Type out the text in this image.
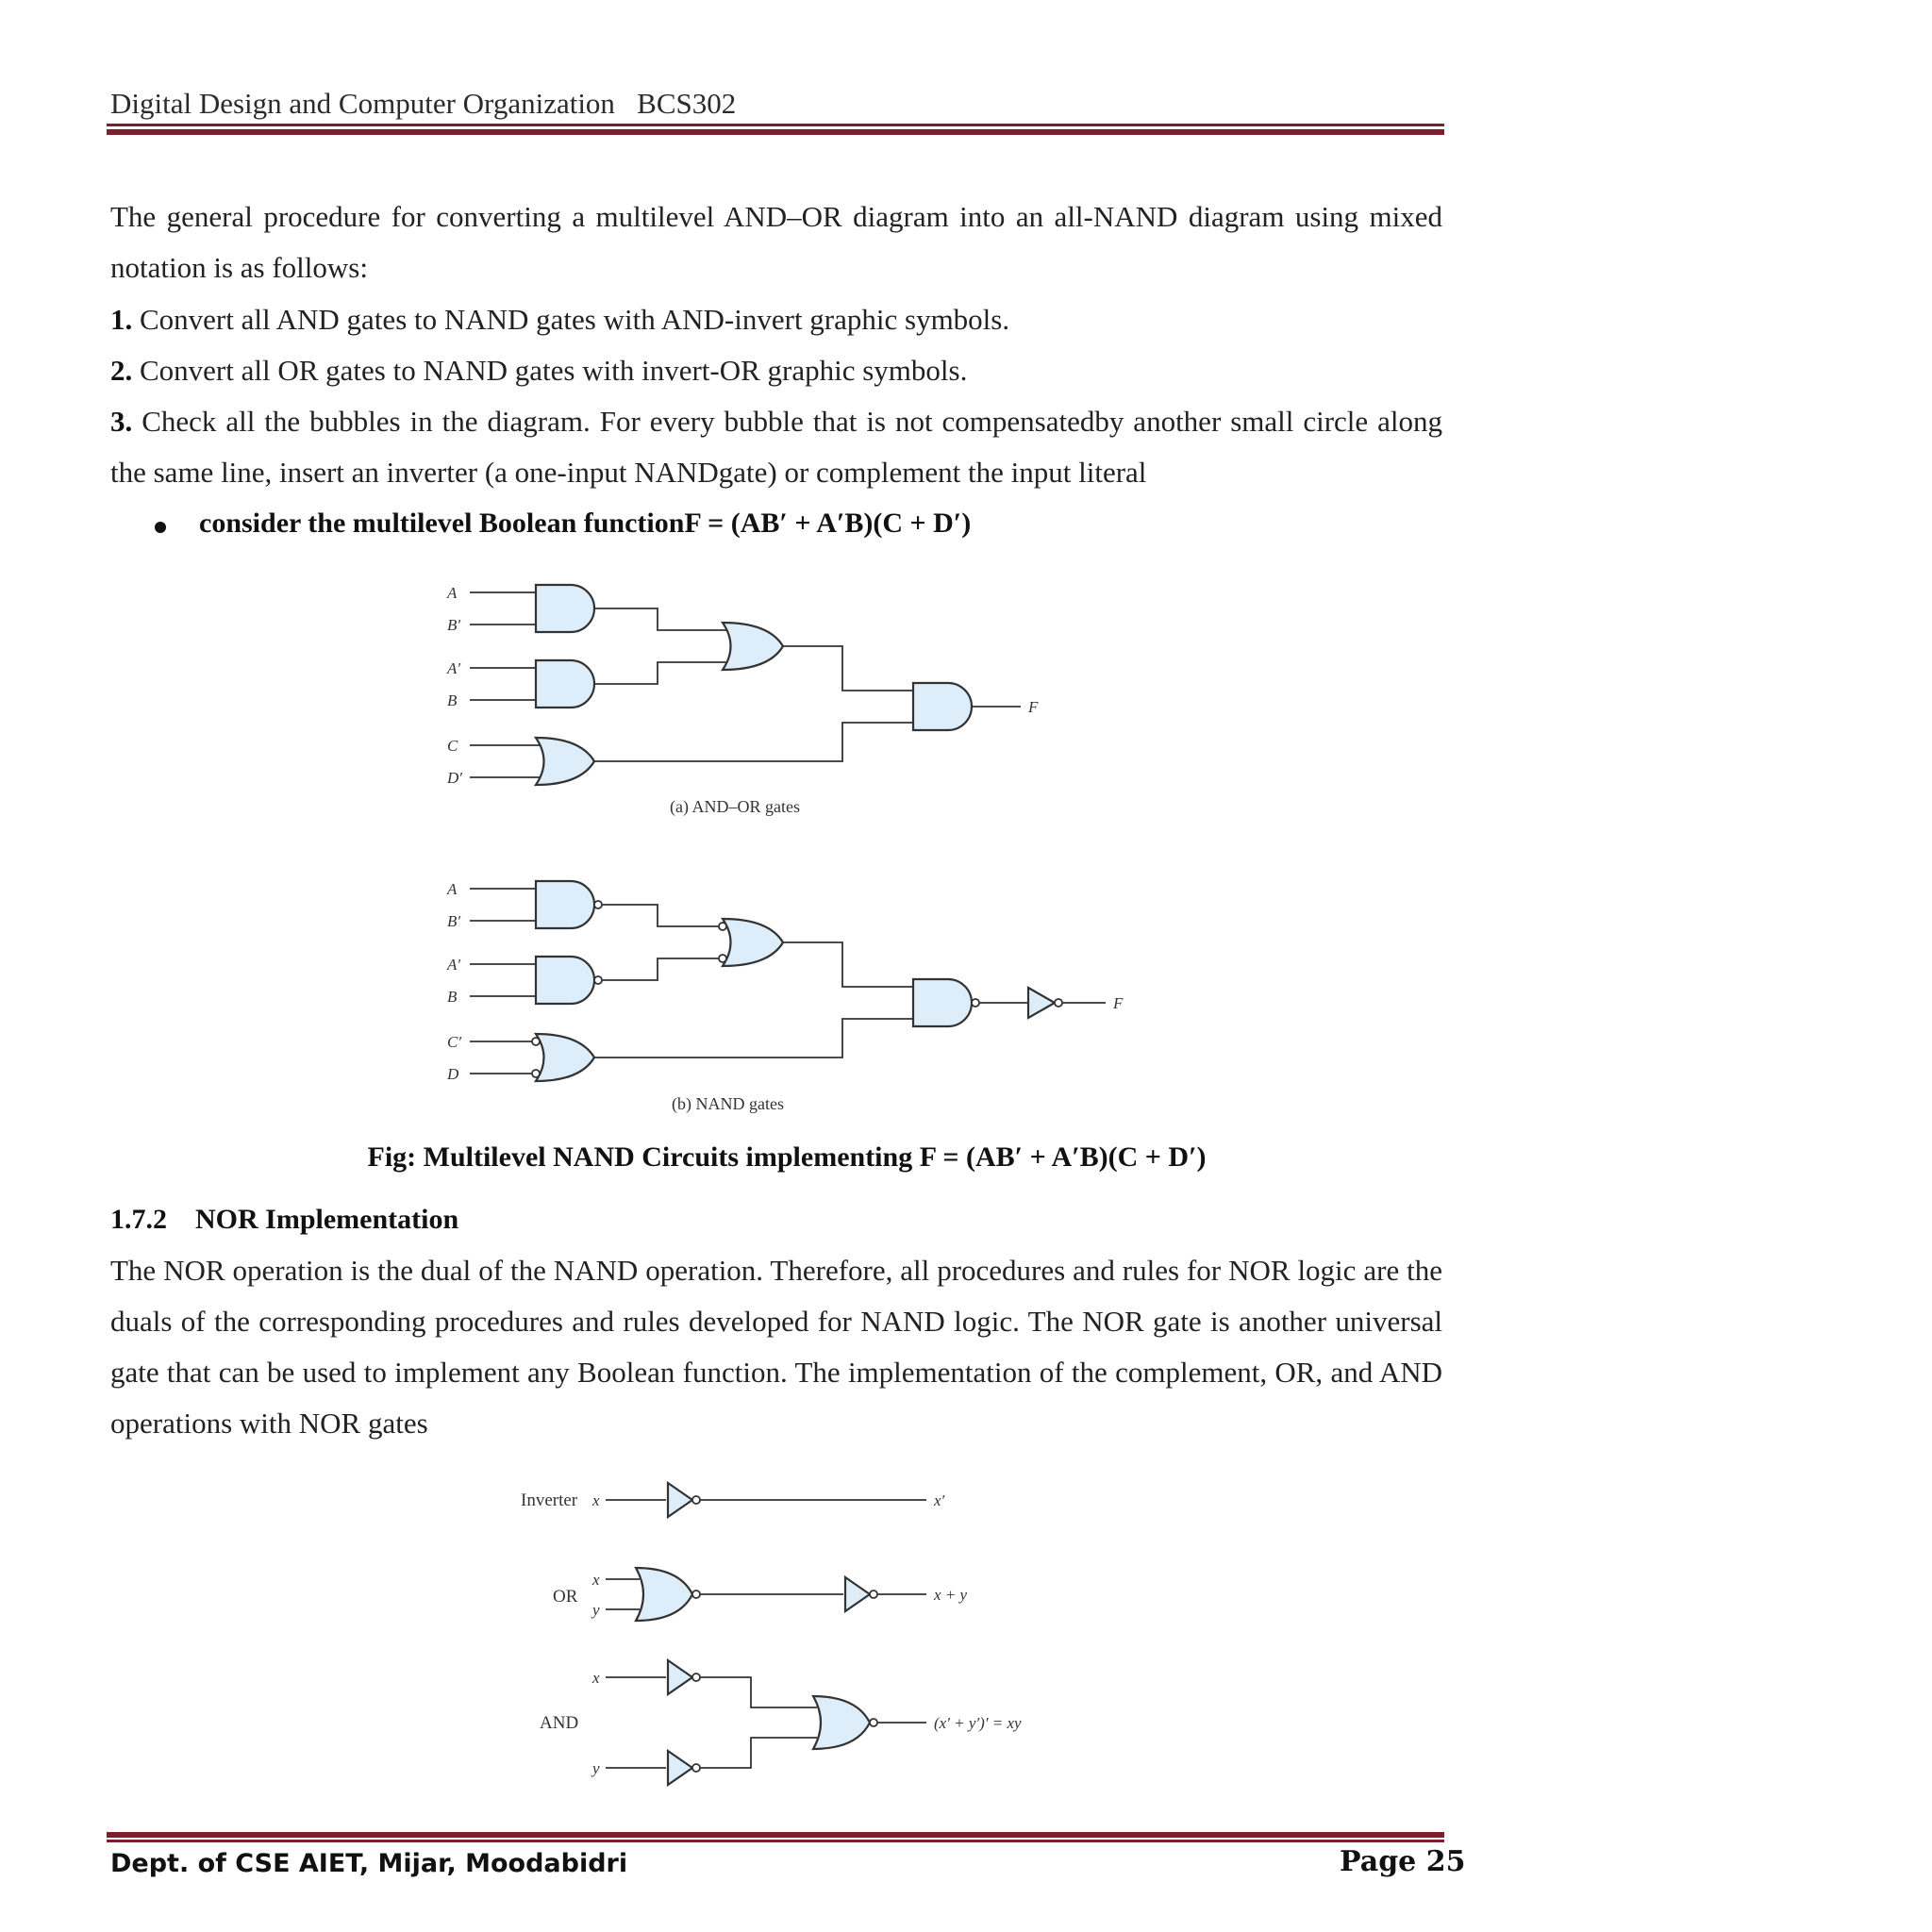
Digital Design and Computer Organization   BCS302
The general procedure for converting a multilevel AND–OR diagram into an all-NAND diagram using mixed notation is as follows:
1. Convert all AND gates to NAND gates with AND-invert graphic symbols.
2. Convert all OR gates to NAND gates with invert-OR graphic symbols.
3. Check all the bubbles in the diagram. For every bubble that is not compensatedby another small circle along the same line, insert an inverter (a one-input NANDgate) or complement the input literal
consider the multilevel Boolean functionF = (AB′ + A′B)(C + D′)
A
B′
A′
B
C
D′
F
(a) AND–OR gates
A
B′
A′
B
C′
D
F
(b) NAND gates
Fig: Multilevel NAND Circuits implementing F = (AB′ + A′B)(C + D′)
1.7.2 NOR Implementation
The NOR operation is the dual of the NAND operation. Therefore, all procedures and rules for NOR logic are the duals of the corresponding procedures and rules developed for NAND logic. The NOR gate is another universal gate that can be used to implement any Boolean function. The implementation of the complement, OR, and AND operations with NOR gates
Inverter x	x′
OR
x
y
x + y
AND
x
y
(x′ + y′)′ = xy
Dept. of CSE AIET, Mijar, Moodabidri	Page 25
